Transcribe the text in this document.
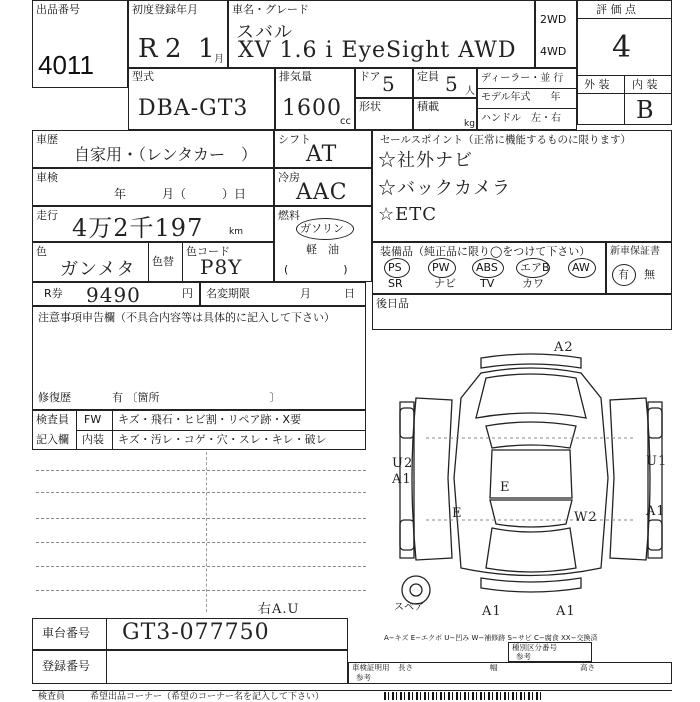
出品番号
4011
初度登録年月
R 2 1
月
車名・グレード
スバル
XV 1.6 i EyeSight AWD
2WD
4WD
評 価 点
4
外 装 内 装
B
型式
DBA-GT3
排気量
1600
cc
ドア 5 定員 5 人
形状	積載
kg
ディーラー・並 行
モデル年式　　年
ハンドル　左・右
車歴
自家用・（レンタカー　）
車検
年　　　月（　　　）日
走行 4万2千197	km
色
ガンメタ 色替
色コード
P8Y
シフト
AT
冷房
AAC
燃料
ガソリン
軽　油
(　　　　　)
セールスポイント（正常に機能するものに限ります）
☆社外ナビ
☆バックカメラ
☆ETC
装備品（純正品に限り◯をつけて下さい）
PS	PW ABS エアB AW
SR	ナビ TV	カワ
新車保証書
有 無
R券 9490	円 名変期限	月　　　日
後日品
注意事項申告欄（不具合内容等は具体的に記入して下さい）
修復歴	有 〔箇所　　　　　　　　　　〕
検査員
記入欄
FW キズ・飛石・ヒビ割・リペア跡・X要
内装 キズ・汚レ・コゲ・穴・スレ・キレ・破レ
A2
U2
A1
U1
A1
E
E	W2
A1	A1
スペア
右A.U
車台番号 GT3-077750
登録番号
A−キズ E−エクボ U−凹み W−補修跡 S−サビ C−腐食 XX−交換済
種別区分番号
参考
車検証明用
参考
長さ	幅	高さ
検査員	希望出品コーナー（希望のコーナー名を記入して下さい）
